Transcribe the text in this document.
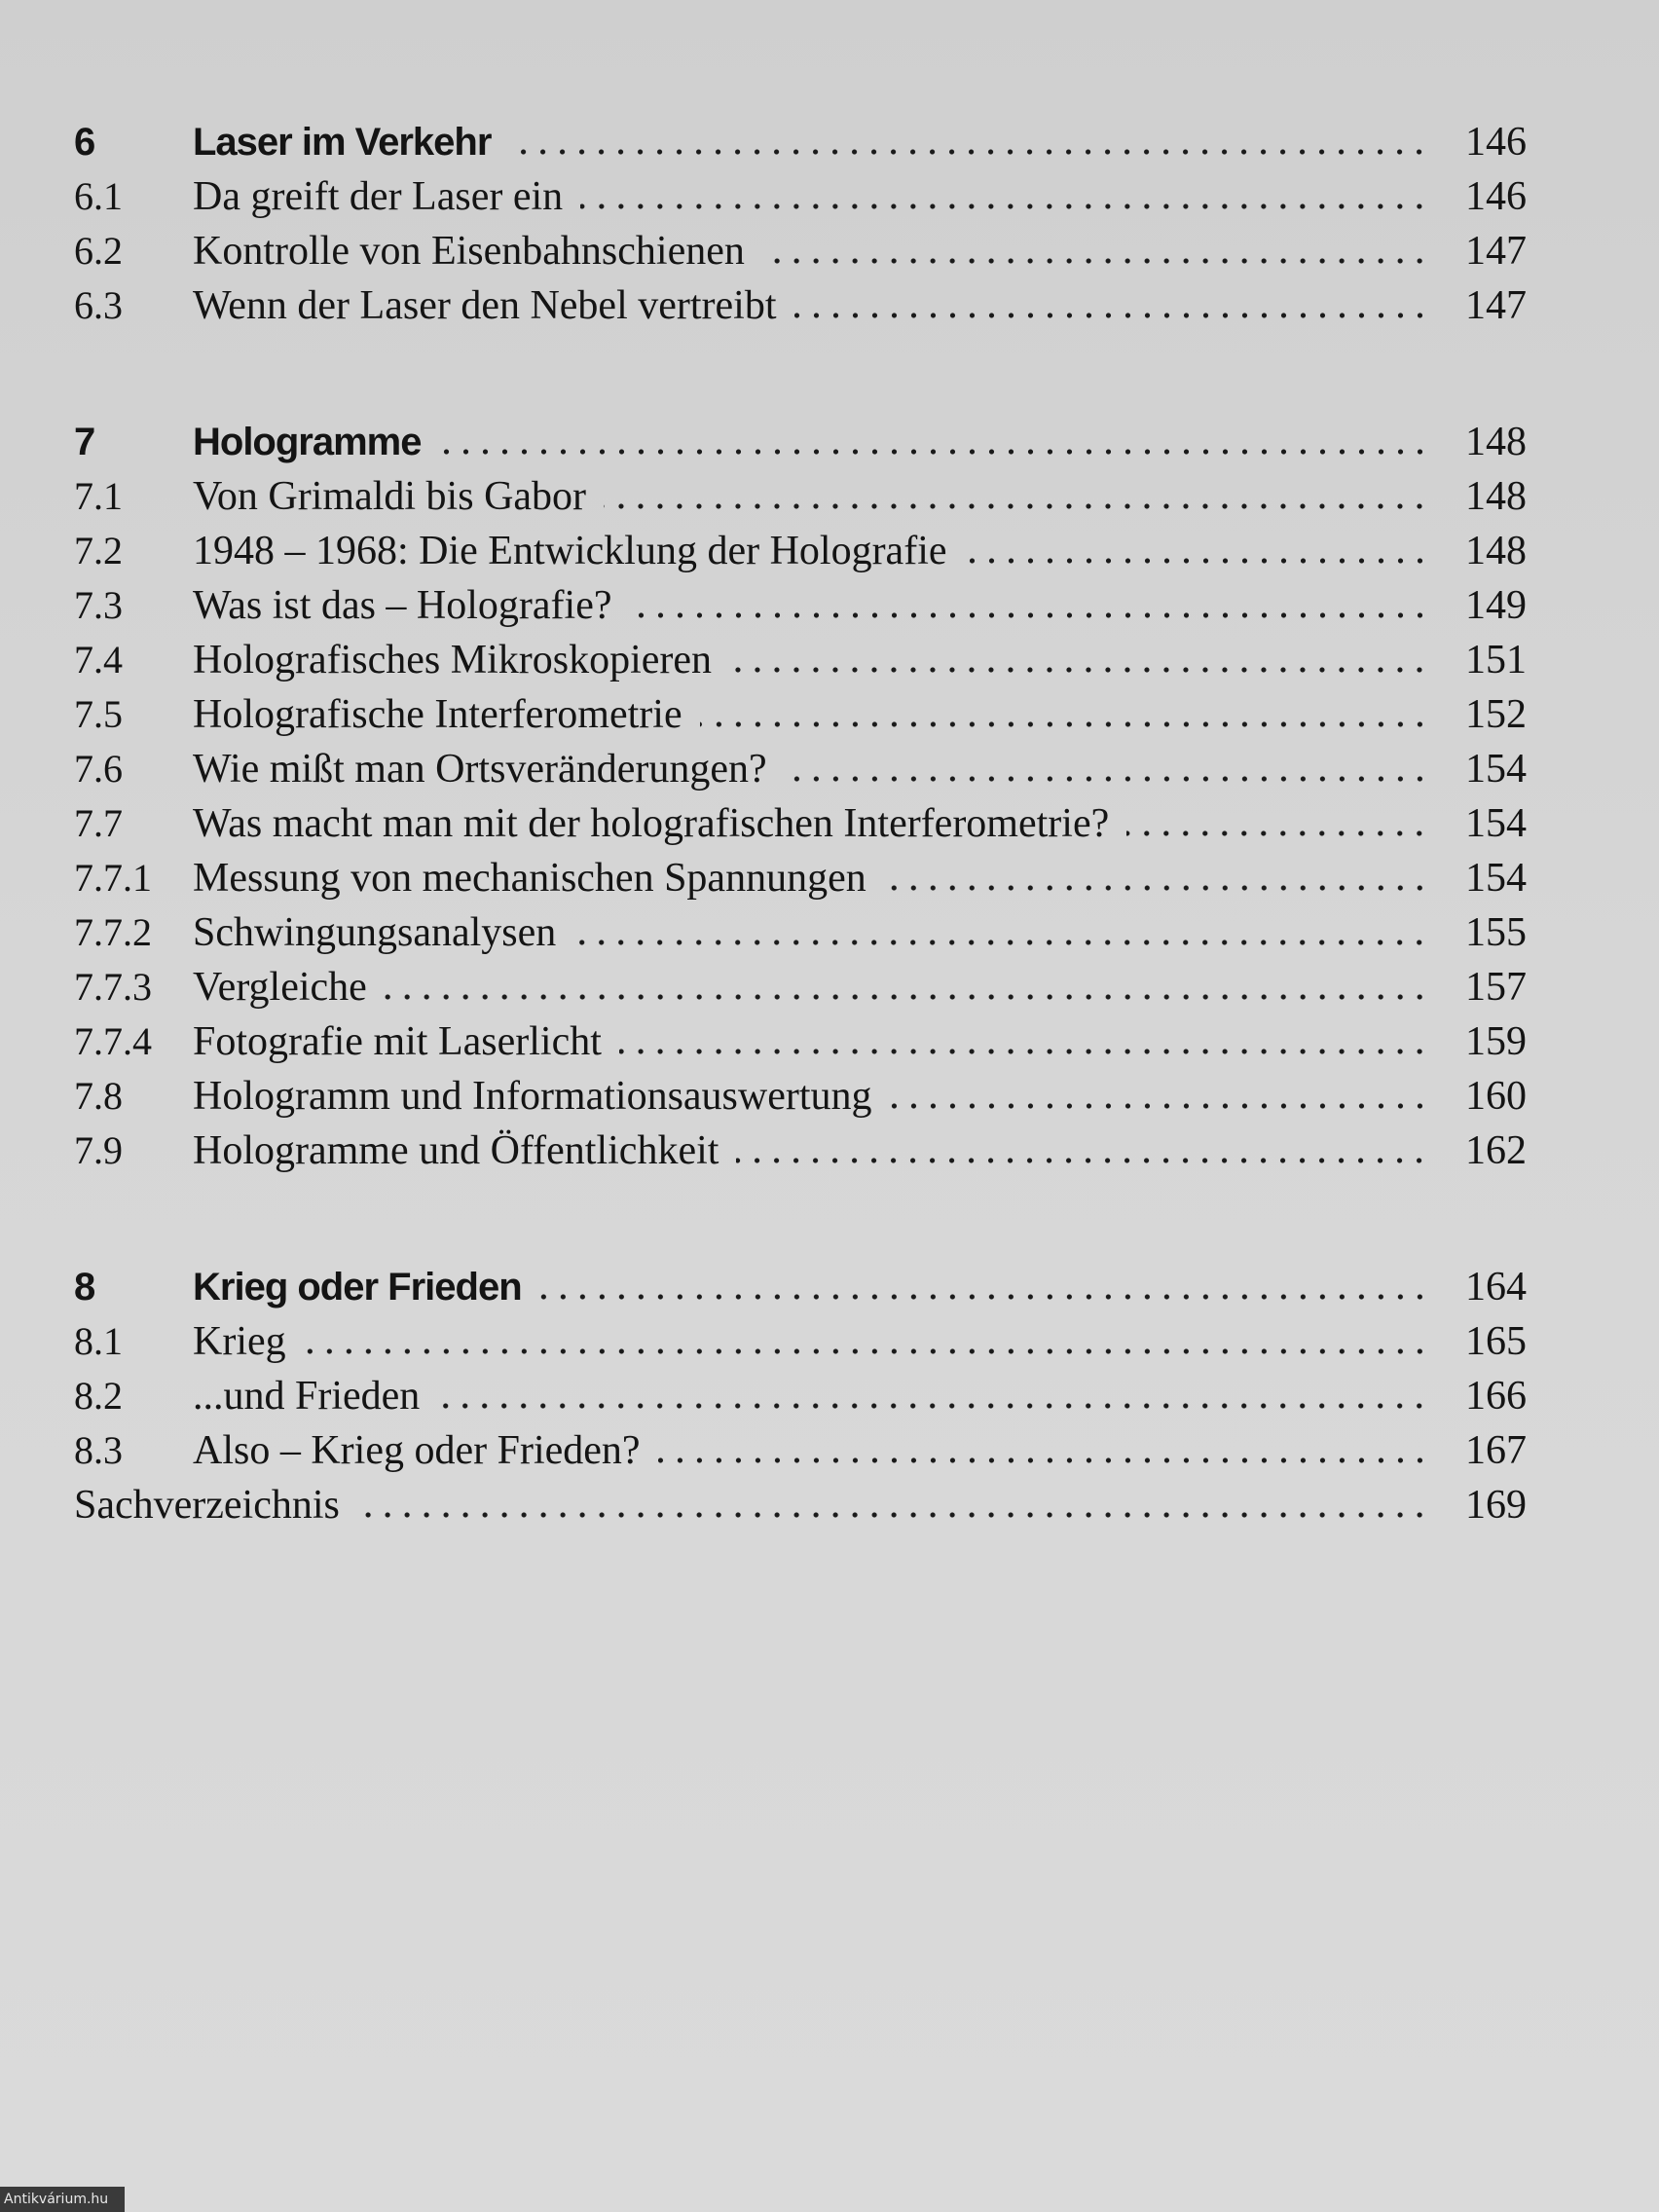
6	Laser im Verkehr	146
6.1	Da greift der Laser ein	146
6.2	Kontrolle von Eisenbahnschienen	147
6.3	Wenn der Laser den Nebel vertreibt	147
7	Hologramme	148
7.1	Von Grimaldi bis Gabor	148
7.2	1948 – 1968: Die Entwicklung der Holografie	148
7.3	Was ist das – Holografie?	149
7.4	Holografisches Mikroskopieren	151
7.5	Holografische Interferometrie	152
7.6	Wie mißt man Ortsveränderungen?	154
7.7	Was macht man mit der holografischen Interferometrie?	154
7.7.1	Messung von mechanischen Spannungen	154
7.7.2	Schwingungsanalysen	155
7.7.3	Vergleiche	157
7.7.4	Fotografie mit Laserlicht	159
7.8	Hologramm und Informationsauswertung	160
7.9	Hologramme und Öffentlichkeit	162
8	Krieg oder Frieden	164
8.1	Krieg	165
8.2	...und Frieden	166
8.3	Also – Krieg oder Frieden?	167
Sachverzeichnis	169
Antikvárium.hu
